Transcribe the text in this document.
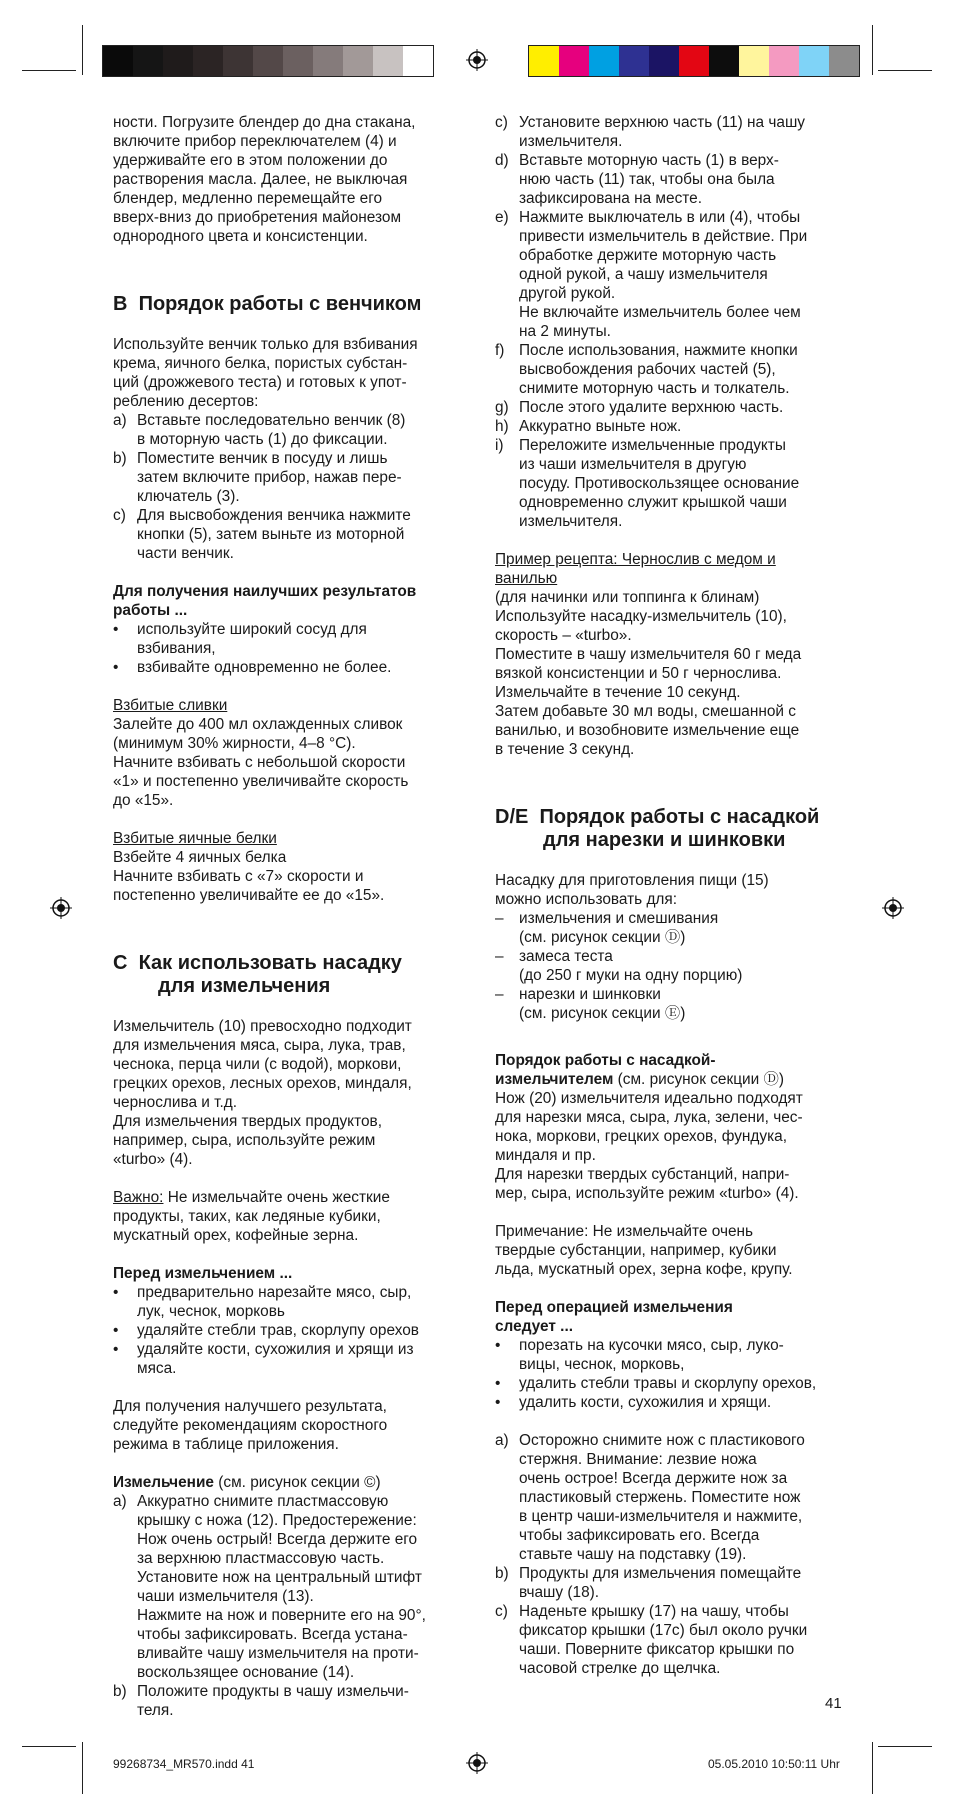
ности. Погрузите блендер до дна стакана,

включите прибор переключателем (4) и

удерживайте его в этом положении до

растворения масла. Далее, не выключая

блендер, медленно перемещайте его

вверх-вниз до приобретения майонезом

однородного цвета и консистенции.

B Порядок работы с венчиком

Используйте венчик только для взбивания

крема, яичного белка, пористых субстан-

ций (дрожжевого теста) и готовых к упот-

реблению десертов:

a) Вставьте последовательно венчик (8)

в моторную часть (1) до фиксации.

b) Поместите венчик в посуду и лишь

затем включите прибор, нажав пере-

ключатель (3).

c) Для высвобождения венчика нажмите

кнопки (5), затем выньте из моторной

части венчик.

Для получения наилучших результатов

работы ...

• используйте широкий сосуд для

взбивания,

• взбивайте одновременно не более.

Взбитые сливки

Залейте до 400 мл охлажденных сливок

(минимум 30% жирности, 4–8 °C).

Начните взбивать с небольшой скорости

«1» и постепенно увеличивайте скорость

до «15».

Взбитые яичные белки

Взбейте 4 яичных белка

Начните взбивать с «7» скорости и

постепенно увеличивайте ее до «15».

C Как использовать насадку
для измельчения

Измельчитель (10) превосходно подходит

для измельчения мяса, сыра, лука, трав,

чеснока, перца чили (с водой), моркови,

грецких орехов, лесных орехов, миндаля,

чернослива и т.д.

Для измельчения твердых продуктов,

например, сыра, используйте режим

«turbo» (4).

Важно: Не измельчайте очень жесткие

продукты, таких, как ледяные кубики,

мускатный орех, кофейные зерна.

Перед измельчением ...

• предварительно нарезайте мясо, сыр,

лук, чеснок, морковь

• удаляйте стебли трав, скорлупу орехов

• удаляйте кости, сухожилия и хрящи из

мяса.

Для получения налучшего результата,

следуйте рекомендациям скоростного

режима в таблице приложения.

Измельчение (см. рисунок секции ©)

a) Аккуратно снимите пластмассовую

крышку с ножа (12). Предостережение:

Нож очень острый! Всегда держите его

за верхнюю пластмассовую часть.

Установите нож на центральный штифт

чаши измельчителя (13).

Нажмите на нож и поверните его на 90°,

чтобы зафиксировать. Всегда устана-

вливайте чашу измельчителя на проти-

воскользящее основание (14).

b) Положите продукты в чашу измельчи-

теля.

c) Установите верхнюю часть (11) на чашу

измельчителя.

d) Вставьте моторную часть (1) в верх-

нюю часть (11) так, чтобы она была

зафиксирована на месте.

e) Нажмите выключатель в или (4), чтобы

привести измельчитель в действие. При

обработке держите моторную часть

одной рукой, а чашу измельчителя

другой рукой.

Не включайте измельчитель более чем

на 2 минуты.

f) После использования, нажмите кнопки

высвобождения рабочих частей (5),

снимите моторную часть и толкатель.

g) После этого удалите верхнюю часть.

h) Аккуратно выньте нож.

i) Переложите измельченные продукты

из чаши измельчителя в другую

посуду. Противоскользящее основание

одновременно служит крышкой чаши

измельчителя.

Пример рецепта: Чернослив с медом и

ванилью

(для начинки или топпинга к блинам)

Используйте насадку-измельчитель (10),

скорость – «turbo».

Поместите в чашу измельчителя 60 г меда

вязкой консистенции и 50 г чернослива.

Измельчайте в течение 10 секунд.

Затем добавьте 30 мл воды, смешанной с

ванилью, и возобновите измельчение еще

в течение 3 секунд.

D/E Порядок работы с насадкой
для нарезки и шинковки

Насадку для приготовления пищи (15)

можно использовать для:

– измельчения и смешивания

(см. рисунок секции Ⓓ)

– замеса теста

(до 250 г муки на одну порцию)

– нарезки и шинковки

(см. рисунок секции Ⓔ)

Порядок работы с насадкой-

измельчителем (см. рисунок секции Ⓓ)

Нож (20) измельчителя идеально подходят

для нарезки мяса, сыра, лука, зелени, чес-

нока, моркови, грецких орехов, фундука,

миндаля и пр.

Для нарезки твердых субстанций, напри-

мер, сыра, используйте режим «turbo» (4).

Примечание: Не измельчайте очень

твердые субстанции, например, кубики

льда, мускатный орех, зерна кофе, крупу.

Перед операцией измельчения

следует ...

• порезать на кусочки мясо, сыр, луко-

вицы, чеснок, морковь,

• удалить стебли травы и скорлупу орехов,

• удалить кости, сухожилия и хрящи.

a) Осторожно снимите нож с пластикового

стержня. Внимание: лезвие ножа

очень острое! Всегда держите нож за

пластиковый стержень. Поместите нож

в центр чаши-измельчителя и нажмите,

чтобы зафиксировать его. Всегда

ставьте чашу на подставку (19).

b) Продукты для измельчения помещайте

вчашу (18).

c) Наденьте крышку (17) на чашу, чтобы

фиксатор крышки (17c) был около ручки

чаши. Поверните фиксатор крышки по

часовой стрелке до щелчка.

41
99268734_MR570.indd 41	05.05.2010 10:50:11 Uhr
